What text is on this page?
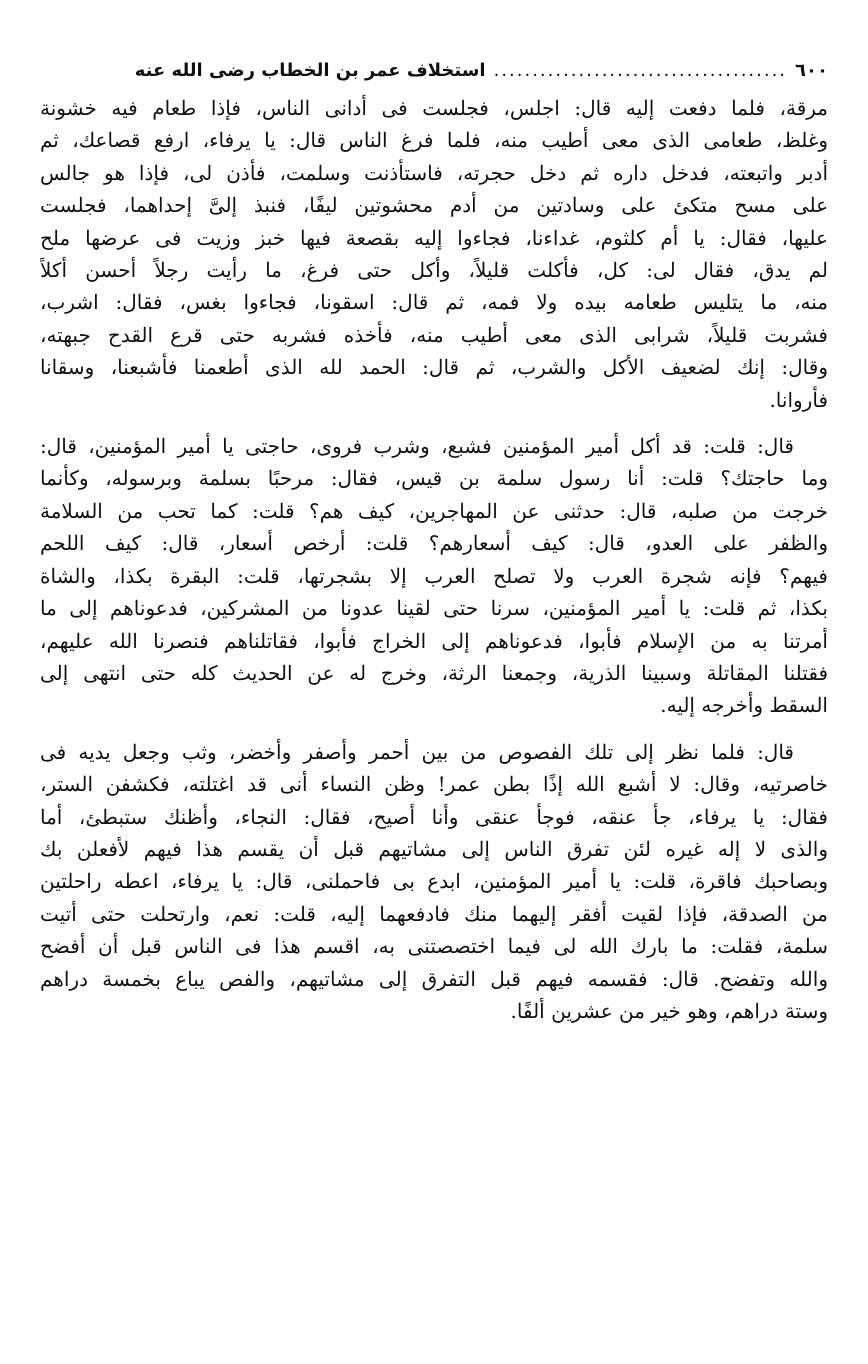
٦٠٠
......................................
استخلاف عمر بن الخطاب رضى الله عنه
مرقة، فلما دفعت إليه قال: اجلس، فجلست فى أدانى الناس، فإذا طعام فيه خشونة
وغلظ، طعامى الذى معى أطيب منه، فلما فرغ الناس قال: يا يرفاء، ارفع قصاعك، ثم
أدبر واتبعته، فدخل داره ثم دخل حجرته، فاستأذنت وسلمت، فأذن لى، فإذا هو جالس
على مسح متكئ على وسادتين من أدم محشوتين ليفًا، فنبذ إلىَّ إحداهما، فجلست
عليها، فقال: يا أم كلثوم، غداءنا، فجاءوا إليه بقصعة فيها خبز وزيت فى عرضها ملح
لم يدق، فقال لى: كل، فأكلت قليلاً، وأكل حتى فرغ، ما رأيت رجلاً أحسن أكلاً
منه، ما يتليس طعامه بيده ولا فمه، ثم قال: اسقونا، فجاءوا بغس، فقال: اشرب،
فشربت قليلاً، شرابى الذى معى أطيب منه، فأخذه فشربه حتى قرع القدح جبهته،
وقال: إنك لضعيف الأكل والشرب، ثم قال: الحمد لله الذى أطعمنا فأشبعنا، وسقانا
فأروانا.
قال: قلت: قد أكل أمير المؤمنين فشبع، وشرب فروى، حاجتى يا أمير المؤمنين، قال:
وما حاجتك؟ قلت: أنا رسول سلمة بن قيس، فقال: مرحبًا بسلمة وبرسوله، وكأنما
خرجت من صلبه، قال: حدثنى عن المهاجرين، كيف هم؟ قلت: كما تحب من السلامة
والظفر على العدو، قال: كيف أسعارهم؟ قلت: أرخص أسعار، قال: كيف اللحم
فيهم؟ فإنه شجرة العرب ولا تصلح العرب إلا بشجرتها، قلت: البقرة بكذا، والشاة
بكذا، ثم قلت: يا أمير المؤمنين، سرنا حتى لقينا عدونا من المشركين، فدعوناهم إلى ما
أمرتنا به من الإسلام فأبوا، فدعوناهم إلى الخراج فأبوا، فقاتلناهم فنصرنا الله عليهم،
فقتلنا المقاتلة وسبينا الذرية، وجمعنا الرثة، وخرج له عن الحديث كله حتى انتهى إلى
السقط وأخرجه إليه.
قال: فلما نظر إلى تلك الفصوص من بين أحمر وأصفر وأخضر، وثب وجعل يديه فى
خاصرتيه، وقال: لا أشبع الله إذًا بطن عمر! وظن النساء أنى قد اغتلته، فكشفن الستر،
فقال: يا يرفاء، جأ عنقه، فوجأ عنقى وأنا أصيح، فقال: النجاء، وأظنك ستبطئ، أما
والذى لا إله غيره لئن تفرق الناس إلى مشاتيهم قبل أن يقسم هذا فيهم لأفعلن بك
وبصاحبك فاقرة، قلت: يا أمير المؤمنين، ابدع بى فاحملنى، قال: يا يرفاء، اعطه راحلتين
من الصدقة، فإذا لقيت أفقر إليهما منك فادفعهما إليه، قلت: نعم، وارتحلت حتى أتيت
سلمة، فقلت: ما بارك الله لى فيما اختصصتنى به، اقسم هذا فى الناس قبل أن أفضح
والله وتفضح. قال: فقسمه فيهم قبل التفرق إلى مشاتيهم، والفص يباع بخمسة دراهم
وستة دراهم، وهو خير من عشرين ألفًا.
